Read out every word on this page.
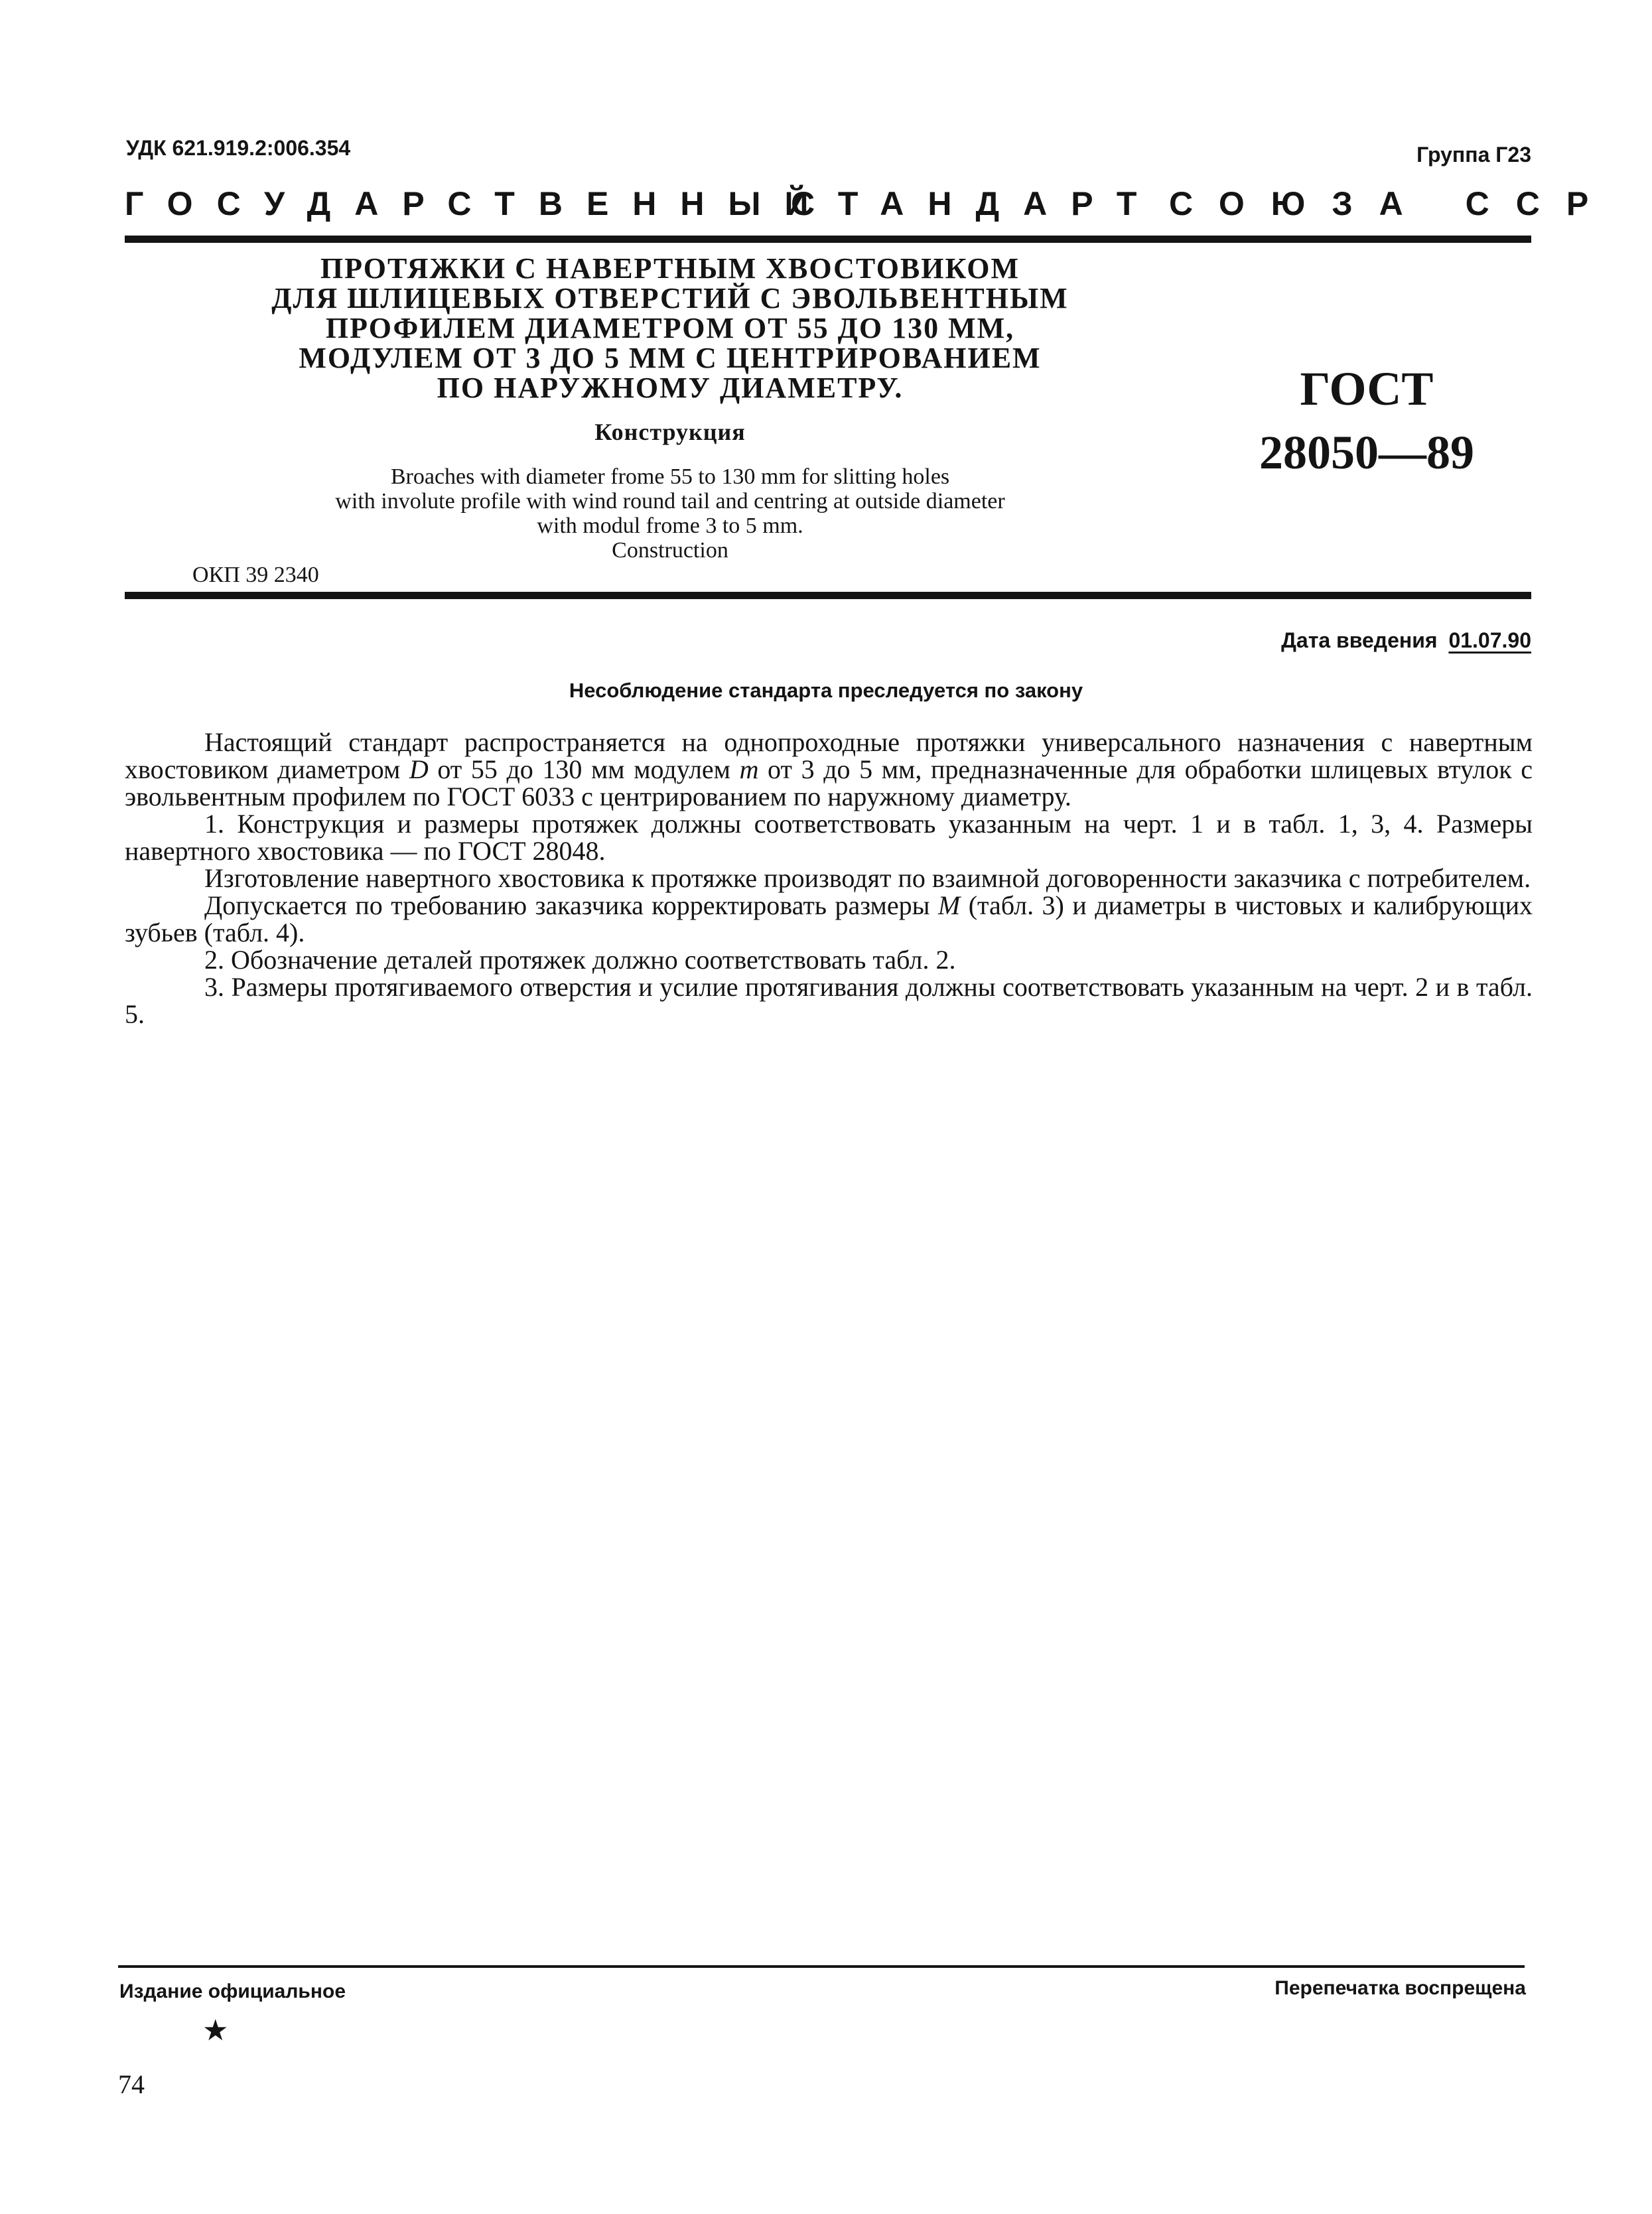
УДК 621.919.2:006.354	Группа Г23
ГОСУДАРСТВЕННЫЙ
СТАНДАРТ СОЮЗА ССР
ПРОТЯЖКИ С НАВЕРТНЫМ ХВОСТОВИКОМ
ДЛЯ ШЛИЦЕВЫХ ОТВЕРСТИЙ С ЭВОЛЬВЕНТНЫМ
ПРОФИЛЕМ ДИАМЕТРОМ ОТ 55 ДО 130 ММ,
МОДУЛЕМ ОТ 3 ДО 5 ММ С ЦЕНТРИРОВАНИЕМ
ПО НАРУЖНОМУ ДИАМЕТРУ.
Конструкция
Broaches with diameter frome 55 to 130 mm for slitting holes
with involute profile with wind round tail and centring at outside diameter
with modul frome 3 to 5 mm.
Construction
ОКП 39 2340
ГОСТ
28050—89
Дата введения 01.07.90
Несоблюдение стандарта преследуется по закону

Настоящий стандарт распространяется на однопроходные протяжки универсального назначения с навертным хвостовиком диаметром D от 55 до 130 мм модулем m от 3 до 5 мм, предназначенные для обработки шлицевых втулок с эвольвентным профилем по ГОСТ 6033 с центрированием по наружному диаметру.

1. Конструкция и размеры протяжек должны соответствовать указанным на черт. 1 и в табл. 1, 3, 4. Размеры навертного хвостовика — по ГОСТ 28048.

Изготовление навертного хвостовика к протяжке производят по взаимной договоренности заказчика с потребителем.

Допускается по требованию заказчика корректировать размеры М (табл. 3) и диаметры в чистовых и калибрующих зубьев (табл. 4).

2. Обозначение деталей протяжек должно соответствовать табл. 2.

3. Размеры протягиваемого отверстия и усилие протягивания должны соответствовать указанным на черт. 2 и в табл. 5.

Издание официальное	Перепечатка воспрещена
★
74
